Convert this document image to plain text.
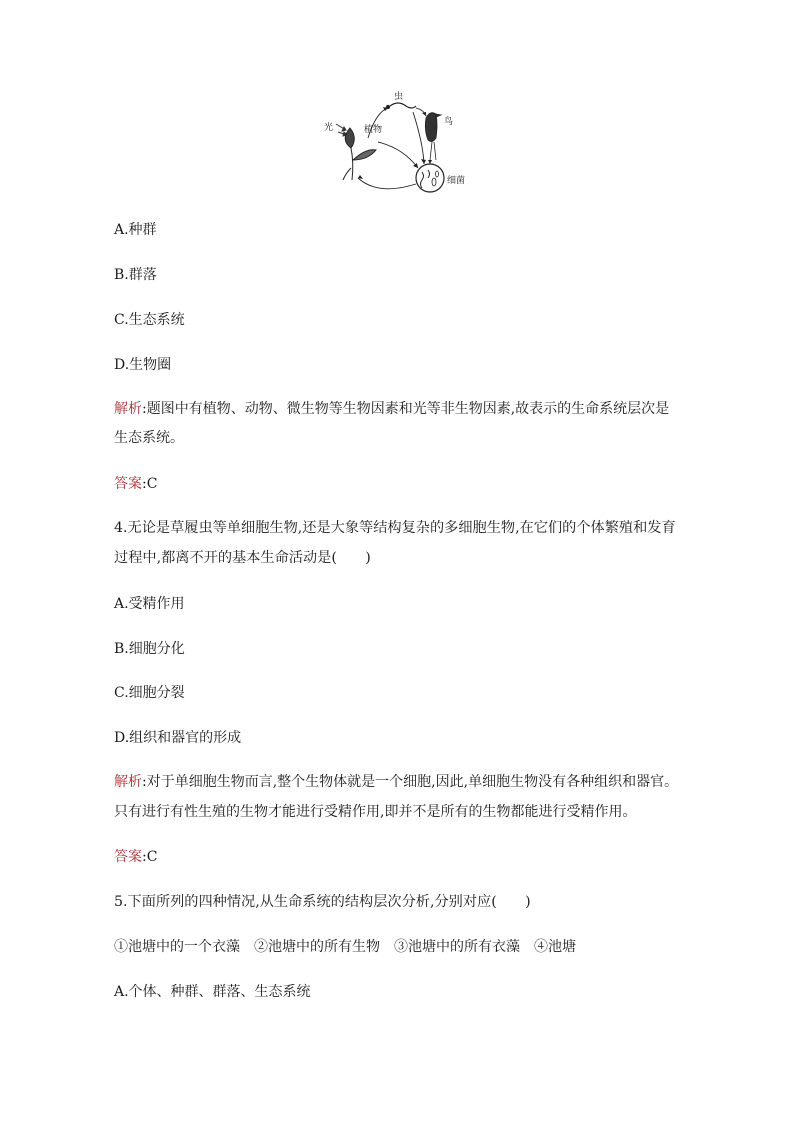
光	植物
虫
鸟
细菌

A.种群

B.群落

C.生态系统

D.生物圈

解析:题图中有植物、动物、微生物等生物因素和光等非生物因素,故表示的生命系统层次是

生态系统。

答案:C

4.无论是草履虫等单细胞生物,还是大象等结构复杂的多细胞生物,在它们的个体繁殖和发育

过程中,都离不开的基本生命活动是(　　)

A.受精作用

B.细胞分化

C.细胞分裂

D.组织和器官的形成

解析:对于单细胞生物而言,整个生物体就是一个细胞,因此,单细胞生物没有各种组织和器官。

只有进行有性生殖的生物才能进行受精作用,即并不是所有的生物都能进行受精作用。

答案:C

5.下面所列的四种情况,从生命系统的结构层次分析,分别对应(　　)

①池塘中的一个衣藻　②池塘中的所有生物　③池塘中的所有衣藻　④池塘

A.个体、种群、群落、生态系统
